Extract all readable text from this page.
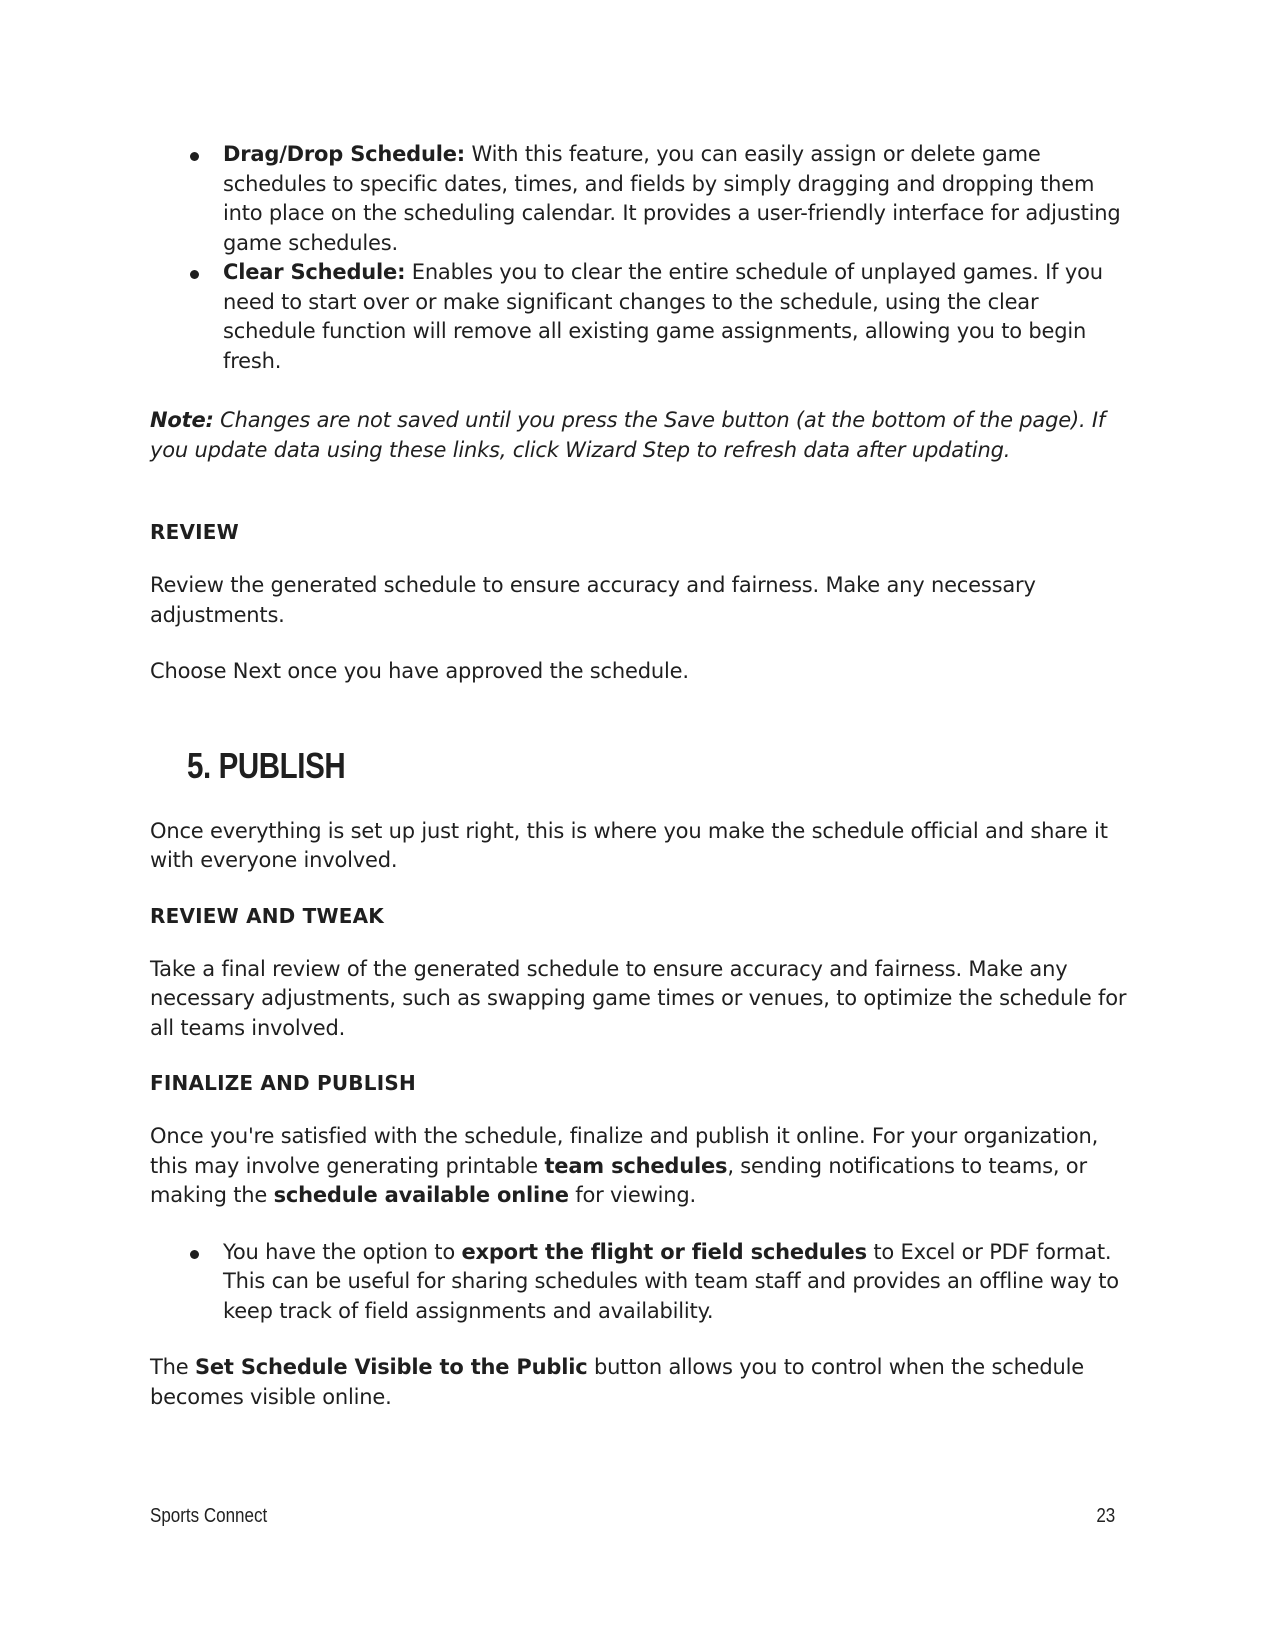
Drag/Drop Schedule: With this feature, you can easily assign or delete game schedules to specific dates, times, and fields by simply dragging and dropping them into place on the scheduling calendar. It provides a user-friendly interface for adjusting game schedules.
Clear Schedule: Enables you to clear the entire schedule of unplayed games. If you need to start over or make significant changes to the schedule, using the clear schedule function will remove all existing game assignments, allowing you to begin fresh.

Note: Changes are not saved until you press the Save button (at the bottom of the page). If you update data using these links, click Wizard Step to refresh data after updating.

REVIEW

Review the generated schedule to ensure accuracy and fairness. Make any necessary adjustments.

Choose Next once you have approved the schedule.

5. PUBLISH

Once everything is set up just right, this is where you make the schedule official and share it with everyone involved.

REVIEW AND TWEAK

Take a final review of the generated schedule to ensure accuracy and fairness. Make any necessary adjustments, such as swapping game times or venues, to optimize the schedule for all teams involved.

FINALIZE AND PUBLISH

Once you're satisfied with the schedule, finalize and publish it online. For your organization, this may involve generating printable team schedules, sending notifications to teams, or making the schedule available online for viewing.

You have the option to export the flight or field schedules to Excel or PDF format. This can be useful for sharing schedules with team staff and provides an offline way to keep track of field assignments and availability.

The Set Schedule Visible to the Public button allows you to control when the schedule becomes visible online.

Sports Connect	23
